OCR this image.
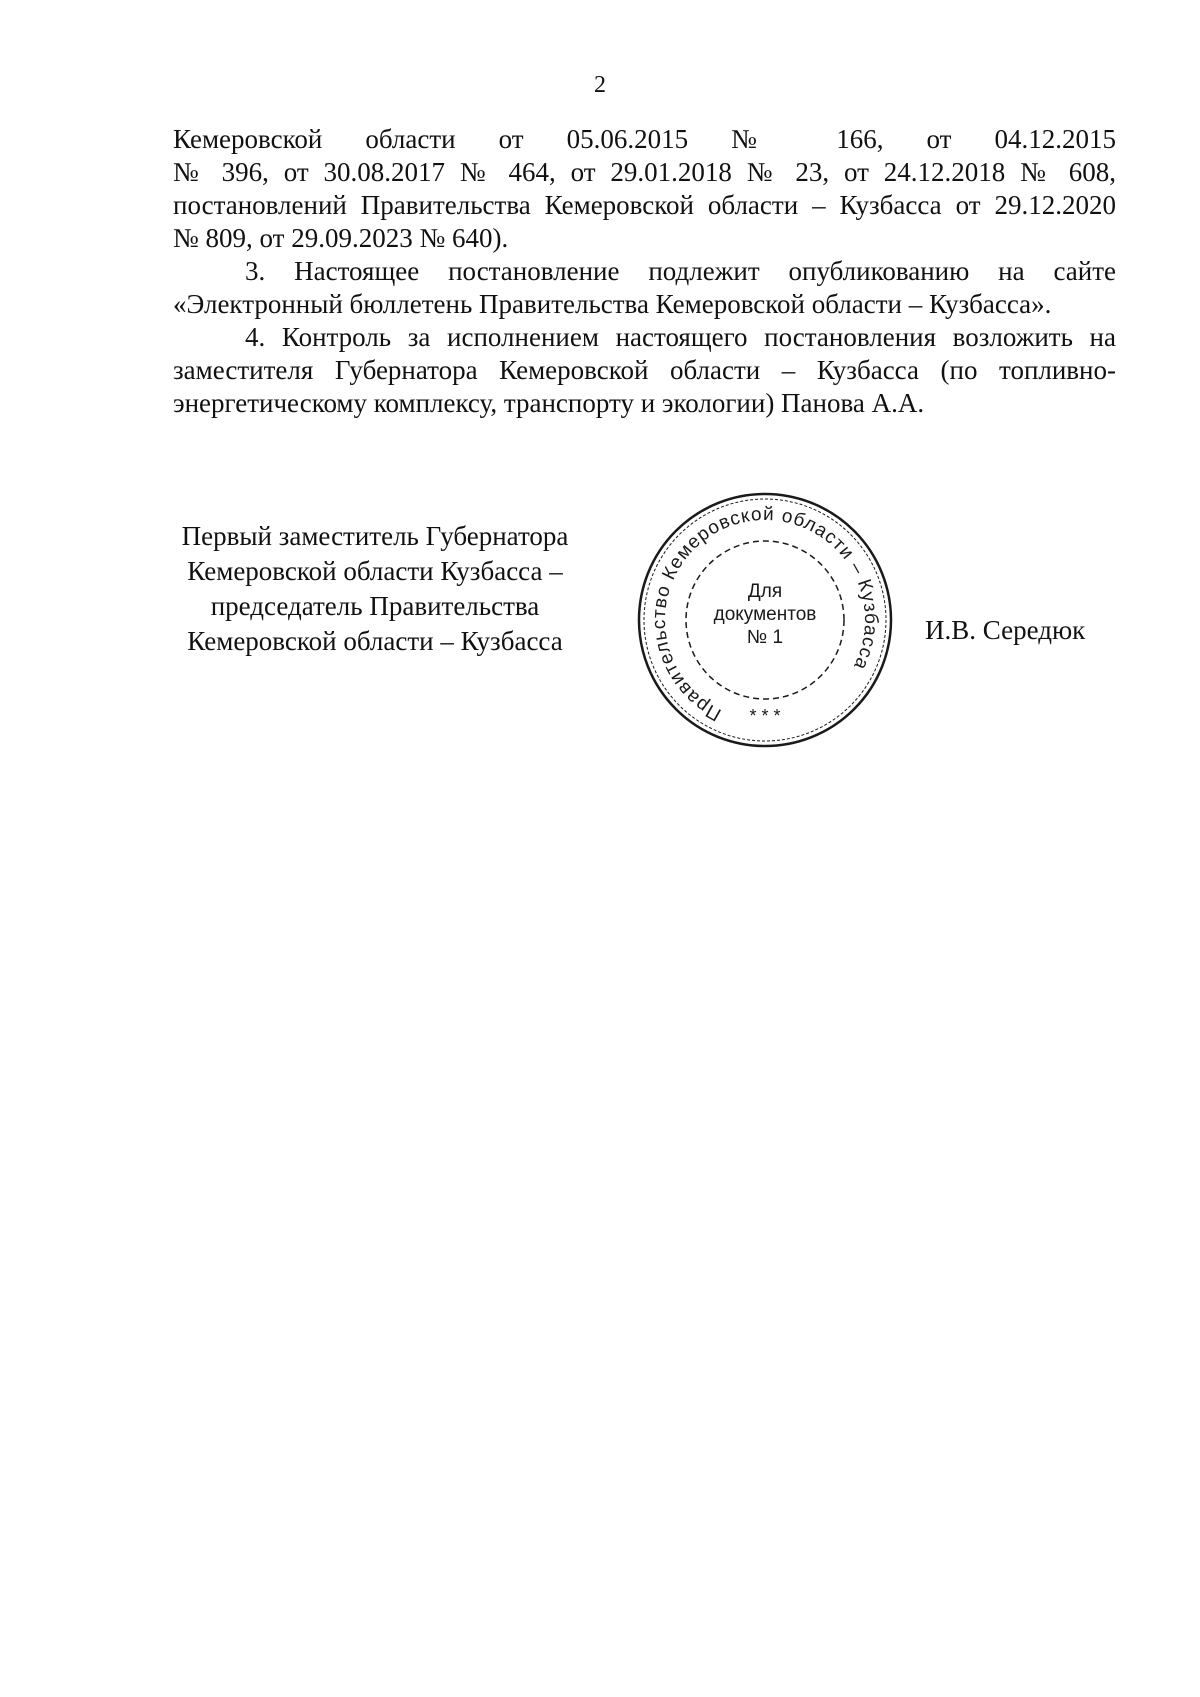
2

Кемеровской области от 05.06.2015 № 166, от 04.12.2015
№ 396, от 30.08.2017 № 464, от 29.01.2018 № 23, от 24.12.2018 № 608,
постановлений Правительства Кемеровской области – Кузбасса от 29.12.2020
№ 809, от 29.09.2023 № 640).

3. Настоящее постановление подлежит опубликованию на сайте «Электронный бюллетень Правительства Кемеровской области – Кузбасса».

4. Контроль за исполнением настоящего постановления возложить на заместителя Губернатора Кемеровской области – Кузбасса (по топливно-энергетическому комплексу, транспорту и экологии) Панова А.А.

Первый заместитель Губернатора
Кемеровской области Кузбасса –
председатель Правительства
Кемеровской области – Кузбасса
Правительство Кемеровской области – Кузбасса
* * *
Для
документов
№ 1	И.В. Середюк
